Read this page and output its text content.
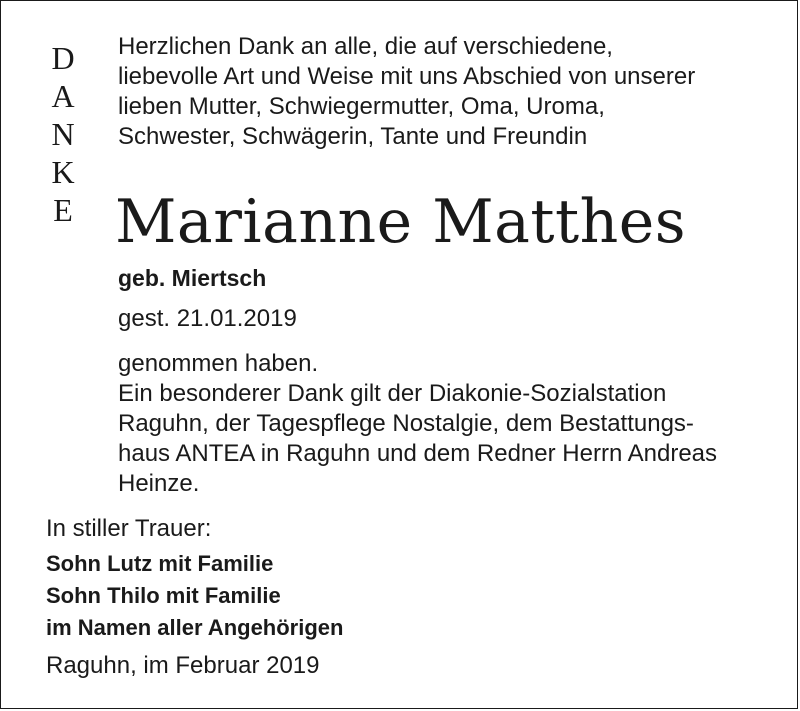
D
A
N
K
E
Herzlichen Dank an alle, die auf verschiedene,
liebevolle Art und Weise mit uns Abschied von unserer
lieben Mutter, Schwiegermutter, Oma, Uroma,
Schwester, Schwägerin, Tante und Freundin
Marianne Matthes
geb. Miertsch
gest. 21.01.2019
genommen haben.
Ein besonderer Dank gilt der Diakonie-Sozialstation
Raguhn, der Tagespflege Nostalgie, dem Bestattungs-
haus ANTEA in Raguhn und dem Redner Herrn Andreas
Heinze.
In stiller Trauer:
Sohn Lutz mit Familie
Sohn Thilo mit Familie
im Namen aller Angehörigen
Raguhn, im Februar 2019
